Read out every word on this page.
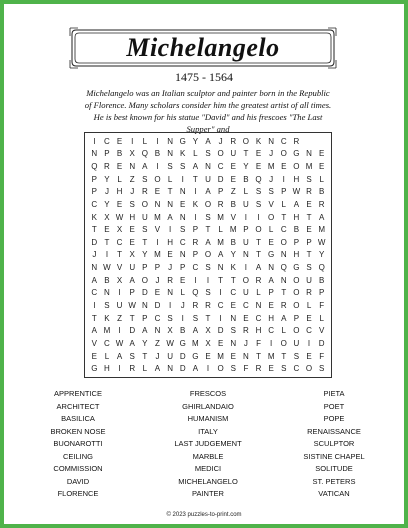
Michelangelo
1475 - 1564
Michelangelo was an Italian sculptor and painter born in the Republic of Florence. Many scholars consider him the greatest artist of all times. He is best known for his statue "David" and his frescoes "The Last Supper" and
I	C E	I	L	I	N G Y A J R O K N C R
N P B X Q B N K L S O U T E J O G N E
Q R E N A	I	S S A N C E Y E M E O M E
P Y L Z S O L	I	T U D E B Q J	I	H S L
P J H J R E T N	I	A P Z L S S P W R B
C Y E S O N N E K O R B U S V L A E R
K X W H U M A N	I	S M V	I	I	O T H T A
T E X E S V	I	S P T L M P O L C B E M
D T C E T	I	H C R A M B U T E O P P W
J	I	T X Y M E N P O A Y N T G N H T Y
N W V U P P J P C S N K	I	A N Q G S Q
A B X A O J R E	I	I	T T O R A N O U B
C N	I	P D E N L Q S	I	C U L P T O R P
I	S U W N D	I	J R R C E C N E R O L F
T K Z T P C S	I	S T	I	N E C H A P E L
A M	I	D A N X B A X D S R H C L O C V
V C W A Y Z W G M X E N J	F	I	O U	I	D
E L A S T	J U D G E M E N T M T S E F
G H	I	R L A N D A	I	O S F R E S C O S
APPRENTICE
ARCHITECT
BASILICA
BROKEN NOSE
BUONAROTTI
CEILING
COMMISSION
DAVID
FLORENCE
FRESCOS
GHIRLANDAIO
HUMANISM
ITALY
LAST JUDGEMENT
MARBLE
MEDICI
MICHELANGELO
PAINTER
PIETA
POET
POPE
RENAISSANCE
SCULPTOR
SISTINE CHAPEL
SOLITUDE
ST. PETERS
VATICAN
© 2023 puzzles-to-print.com
